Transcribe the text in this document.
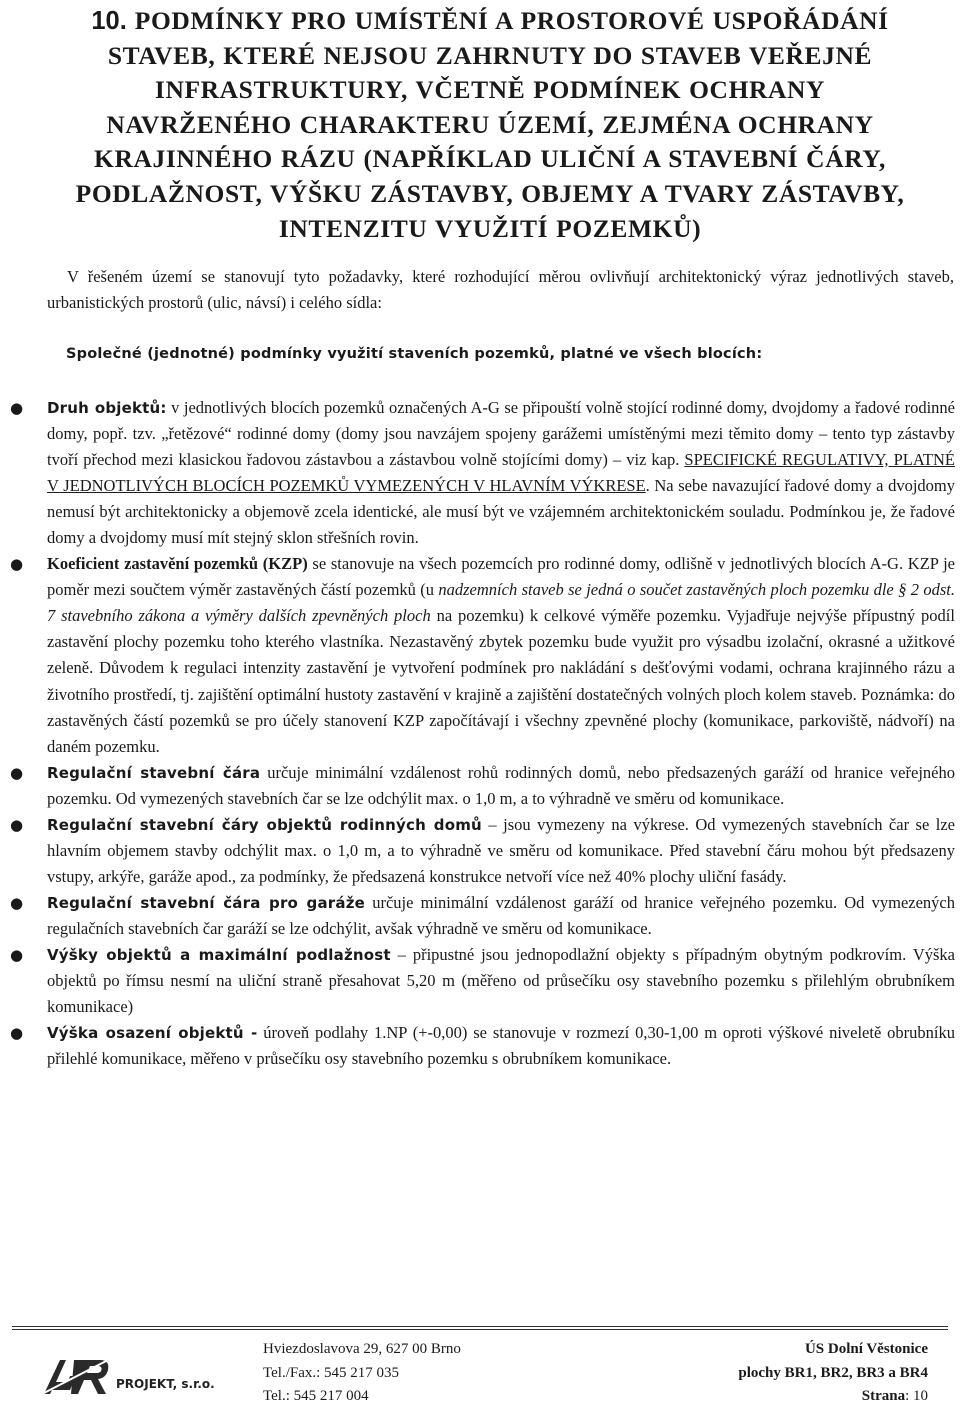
10. PODMÍNKY PRO UMÍSTĚNÍ A PROSTOROVÉ USPOŘÁDÁNÍ STAVEB, KTERÉ NEJSOU ZAHRNUTY DO STAVEB VEŘEJNÉ INFRASTRUKTURY, VČETNĚ PODMÍNEK OCHRANY NAVRŽENÉHO CHARAKTERU ÚZEMÍ, ZEJMÉNA OCHRANY KRAJINNÉHO RÁZU (NAPŘÍKLAD ULIČNÍ A STAVEBNÍ ČÁRY, PODLAŽNOST, VÝŠKU ZÁSTAVBY, OBJEMY A TVARY ZÁSTAVBY, INTENZITU VYUŽITÍ POZEMKŮ)

V řešeném území se stanovují tyto požadavky, které rozhodující měrou ovlivňují architektonický výraz jednotlivých staveb, urbanistických prostorů (ulic, návsí) i celého sídla:

Společné (jednotné) podmínky využití staveních pozemků, platné ve všech blocích:

● Druh objektů: v jednotlivých blocích pozemků označených A-G se připouští volně stojící rodinné domy, dvojdomy a řadové rodinné domy, popř. tzv. „řetězové“ rodinné domy (domy jsou navzájem spojeny garážemi umístěnými mezi těmito domy – tento typ zástavby tvoří přechod mezi klasickou řadovou zástavbou a zástavbou volně stojícími domy) – viz kap. SPECIFICKÉ REGULATIVY, PLATNÉ V JEDNOTLIVÝCH BLOCÍCH POZEMKŮ VYMEZENÝCH V HLAVNÍM VÝKRESE. Na sebe navazující řadové domy a dvojdomy nemusí být architektonicky a objemově zcela identické, ale musí být ve vzájemném architektonickém souladu. Podmínkou je, že řadové domy a dvojdomy musí mít stejný sklon střešních rovin.
● Koeficient zastavění pozemků (KZP) se stanovuje na všech pozemcích pro rodinné domy, odlišně v jednotlivých blocích A-G. KZP je poměr mezi součtem výměr zastavěných částí pozemků (u nadzemních staveb se jedná o součet zastavěných ploch pozemku dle § 2 odst. 7 stavebního zákona a výměry dalších zpevněných ploch na pozemku) k celkové výměře pozemku. Vyjadřuje nejvýše přípustný podíl zastavění plochy pozemku toho kterého vlastníka. Nezastavěný zbytek pozemku bude využit pro výsadbu izolační, okrasné a užitkové zeleně. Důvodem k regulaci intenzity zastavění je vytvoření podmínek pro nakládání s dešťovými vodami, ochrana krajinného rázu a životního prostředí, tj. zajištění optimální hustoty zastavění v krajině a zajištění dostatečných volných ploch kolem staveb. Poznámka: do zastavěných částí pozemků se pro účely stanovení KZP započítávají i všechny zpevněné plochy (komunikace, parkoviště, nádvoří) na daném pozemku.
● Regulační stavební čára určuje minimální vzdálenost rohů rodinných domů, nebo předsazených garáží od hranice veřejného pozemku. Od vymezených stavebních čar se lze odchýlit max. o 1,0 m, a to výhradně ve směru od komunikace.
● Regulační stavební čáry objektů rodinných domů – jsou vymezeny na výkrese. Od vymezených stavebních čar se lze hlavním objemem stavby odchýlit max. o 1,0 m, a to výhradně ve směru od komunikace. Před stavební čáru mohou být předsazeny vstupy, arkýře, garáže apod., za podmínky, že předsazená konstrukce netvoří více než 40% plochy uliční fasády.
● Regulační stavební čára pro garáže určuje minimální vzdálenost garáží od hranice veřejného pozemku. Od vymezených regulačních stavebních čar garáží se lze odchýlit, avšak výhradně ve směru od komunikace.
● Výšky objektů a maximální podlažnost – připustné jsou jednopodlažní objekty s případným obytným podkrovím. Výška objektů po římsu nesmí na uliční straně přesahovat 5,20 m (měřeno od průsečíku osy stavebního pozemku s přilehlým obrubníkem komunikace)
● Výška osazení objektů - úroveň podlahy 1.NP (+-0,00) se stanovuje v rozmezí 0,30-1,00 m oproti výškové niveletě obrubníku přilehlé komunikace, měřeno v průsečíku osy stavebního pozemku s obrubníkem komunikace.
PROJEKT, s.r.o.
Hviezdoslavova 29, 627 00 Brno
Tel./Fax.: 545 217 035
Tel.: 545 217 004
ÚS Dolní Věstonice
plochy BR1, BR2, BR3 a BR4
Strana: 10
